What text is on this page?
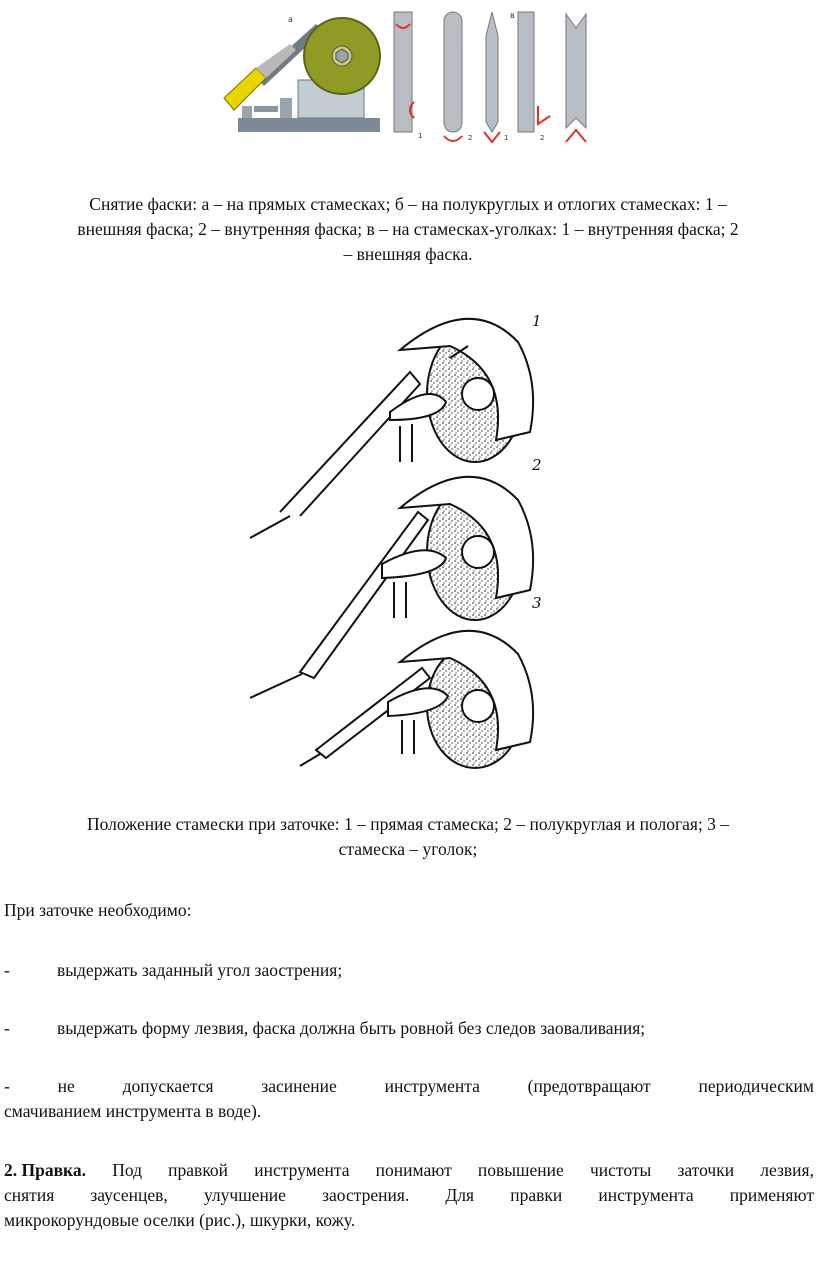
а
1	2	1
в
2
Снятие фаски: а – на прямых стамесках; б – на полукруглых и отлогих стамесках: 1 –
внешняя фаска; 2 – внутренняя фаска; в – на стамесках-уголках: 1 – внутренняя фаска; 2
– внешняя фаска.
1
2
3
Положение стамески при заточке: 1 – прямая стамеска; 2 – полукруглая и пологая; 3 –
стамеска – уголок;
При заточке необходимо:
-	выдержать заданный угол заострения;
-	выдержать форму лезвия, фаска должна быть ровной без следов заоваливания;
-	не	допускается	засинение	инструмента	(предотвращают	периодическим
смачиванием инструмента в воде).
2. Правка. Под правкой инструмента понимают повышение чистоты заточки лезвия,
снятия заусенцев, улучшение заострения. Для правки инструмента применяют
микрокорундовые оселки (рис.), шкурки, кожу.
